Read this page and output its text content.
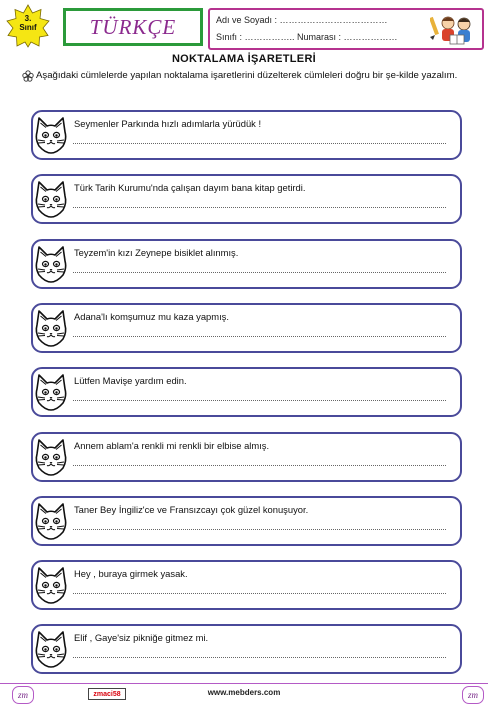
3.
Sınıf	TÜRKÇE	Adı ve Soyadı : ………………………………
Sınıfı : …………….. Numarası : ………………
NOKTALAMA İŞARETLERİ
Aşağıdaki cümlelerde yapılan noktalama işaretlerini düzelterek cümleleri doğru bir şe-kilde yazalım.
Seymenler Parkında hızlı adımlarla yürüdük !
Türk Tarih Kurumu'nda çalışan dayım bana kitap getirdi.
Teyzem'in kızı Zeynepe bisiklet alınmış.
Adana'lı komşumuz mu kaza yapmış.
Lütfen Mavişe yardım edin.
Annem ablam'a renkli mi renkli bir elbise almış.
Taner Bey İngiliz'ce ve Fransızcayı çok güzel konuşuyor.
Hey , buraya girmek yasak.
Elif , Gaye'siz pikniğe gitmez mi.
zm	zmaci58	www.mebders.com	zm
